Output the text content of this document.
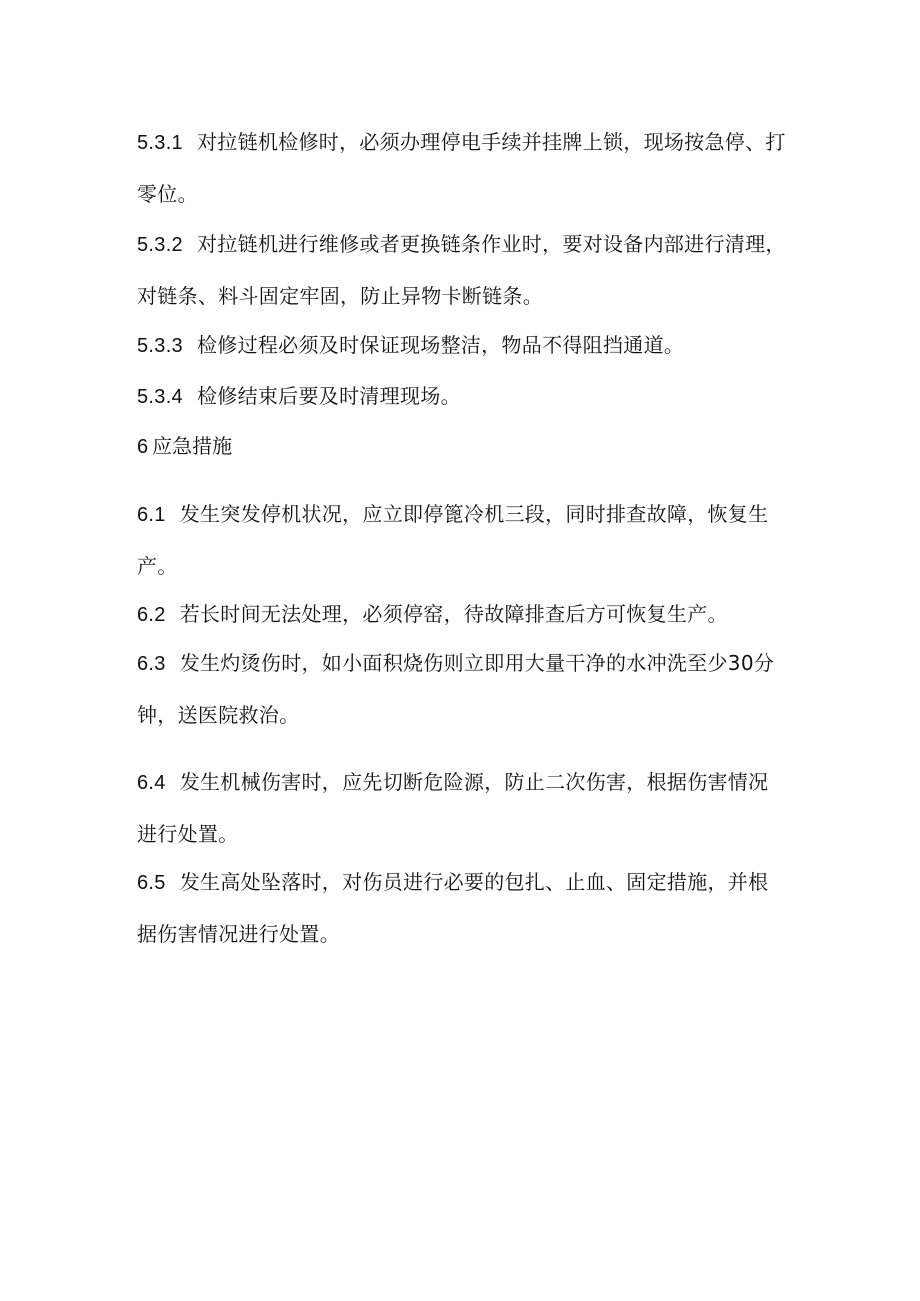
5.3.1 对拉链机检修时，必须办理停电手续并挂牌上锁，现场按急停、打零位。

5.3.2 对拉链机进行维修或者更换链条作业时，要对设备内部进行清理，对链条、料斗固定牢固，防止异物卡断链条。

5.3.3 检修过程必须及时保证现场整洁，物品不得阻挡通道。

5.3.4 检修结束后要及时清理现场。

6 应急措施

6.1 发生突发停机状况，应立即停篦冷机三段，同时排查故障，恢复生产。

6.2 若长时间无法处理，必须停窑，待故障排查后方可恢复生产。

6.3 发生灼烫伤时，如小面积烧伤则立即用大量干净的水冲洗至少30分钟，送医院救治。

6.4 发生机械伤害时，应先切断危险源，防止二次伤害，根据伤害情况进行处置。

6.5 发生高处坠落时，对伤员进行必要的包扎、止血、固定措施，并根据伤害情况进行处置。
